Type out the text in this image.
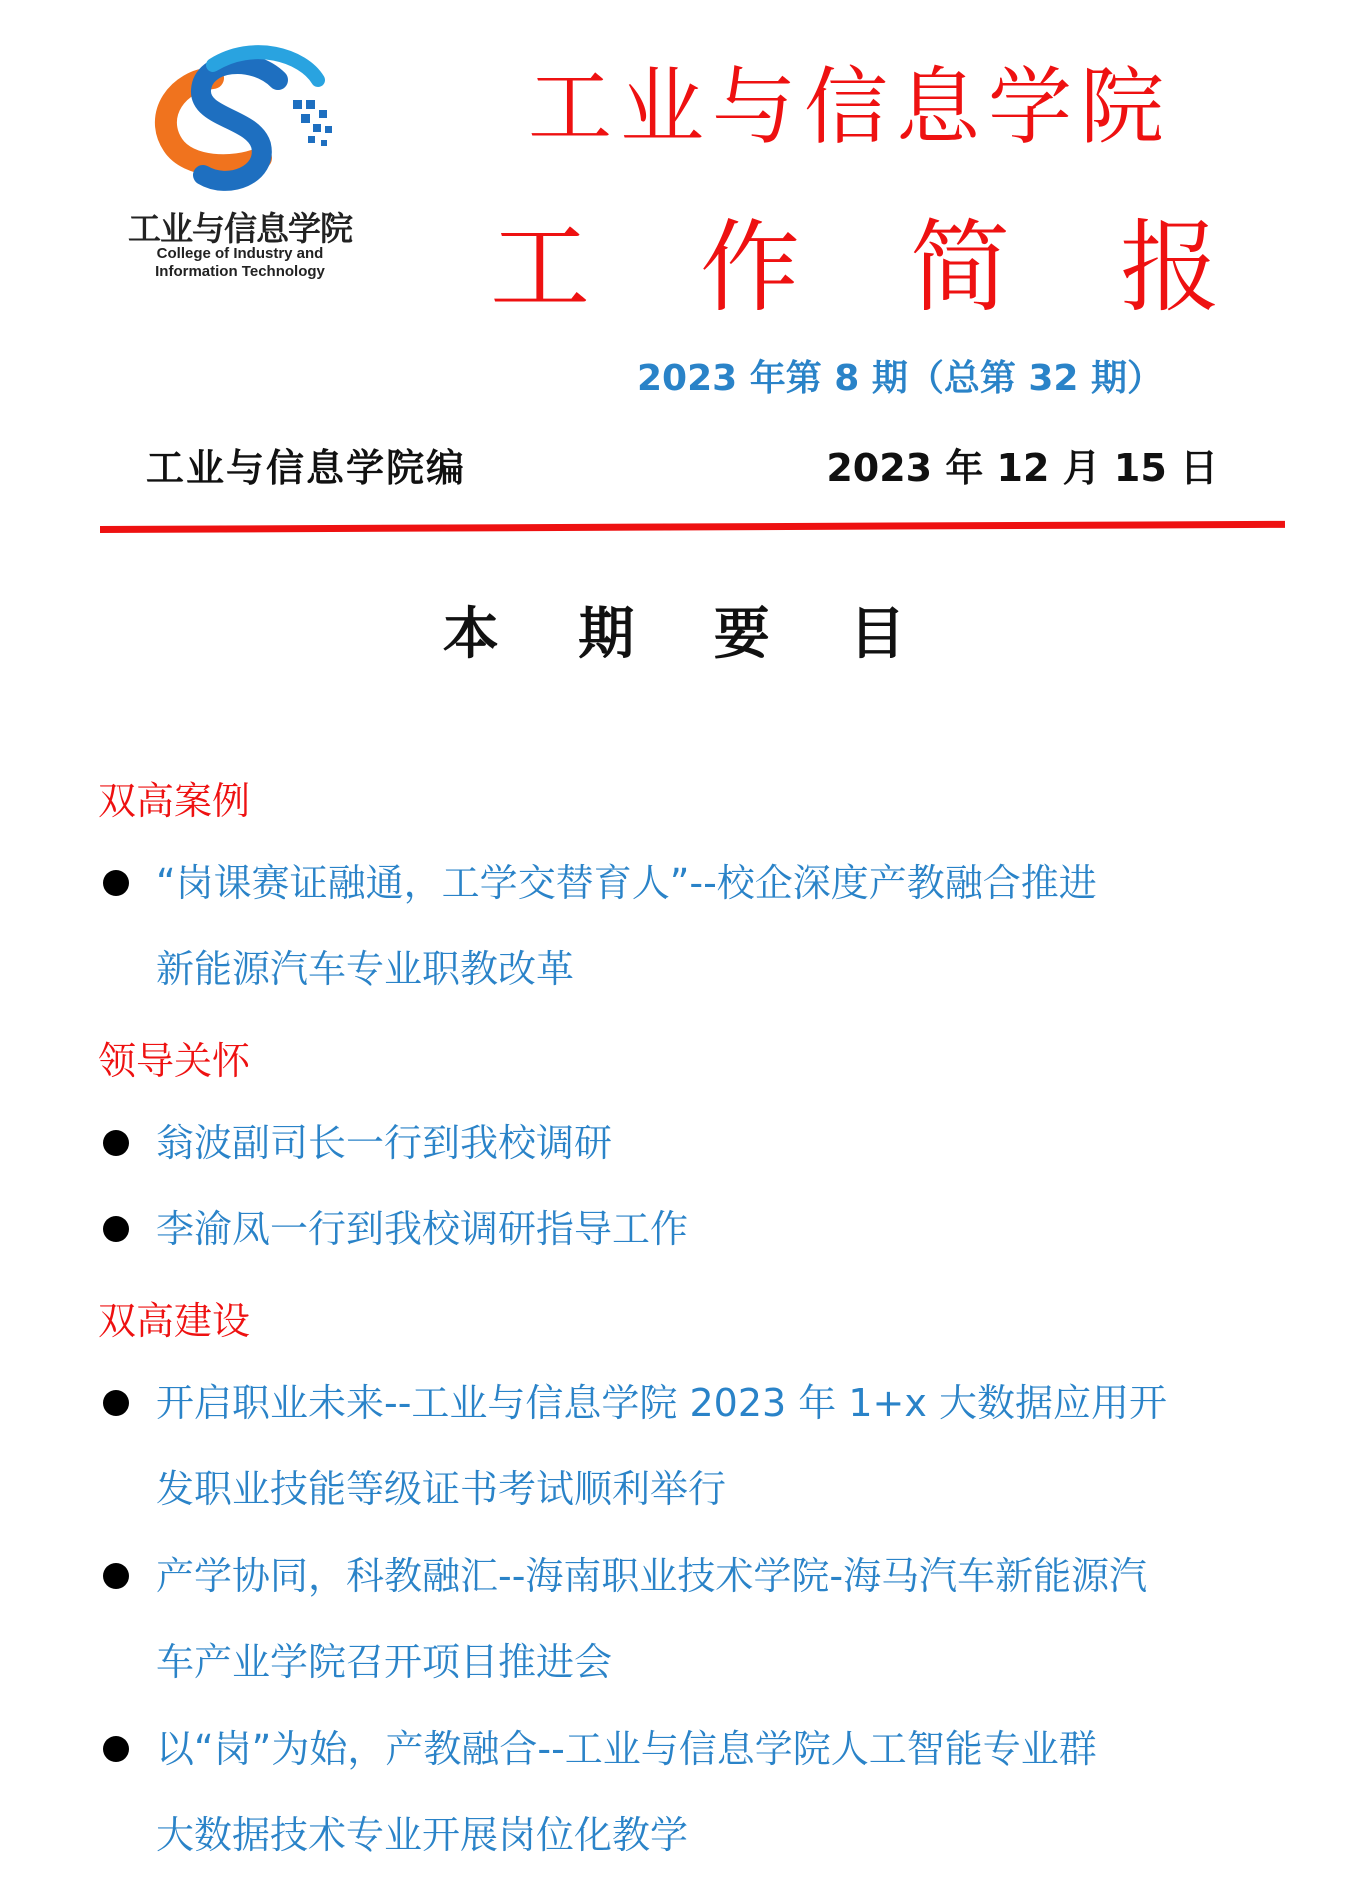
工业与信息学院
College of Industry and
Information Technology
工业与信息学院
工 作 简 报
2023 年第 8 期（总第 32 期）
工业与信息学院编	2023 年 12 月 15 日
本 期 要 目
双高案例
“岗课赛证融通，工学交替育人”--校企深度产教融合推进
新能源汽车专业职教改革
领导关怀
翁波副司长一行到我校调研
李渝凤一行到我校调研指导工作
双高建设
开启职业未来--工业与信息学院 2023 年 1+x 大数据应用开
发职业技能等级证书考试顺利举行
产学协同，科教融汇--海南职业技术学院-海马汽车新能源汽
车产业学院召开项目推进会
以“岗”为始，产教融合--工业与信息学院人工智能专业群
大数据技术专业开展岗位化教学
